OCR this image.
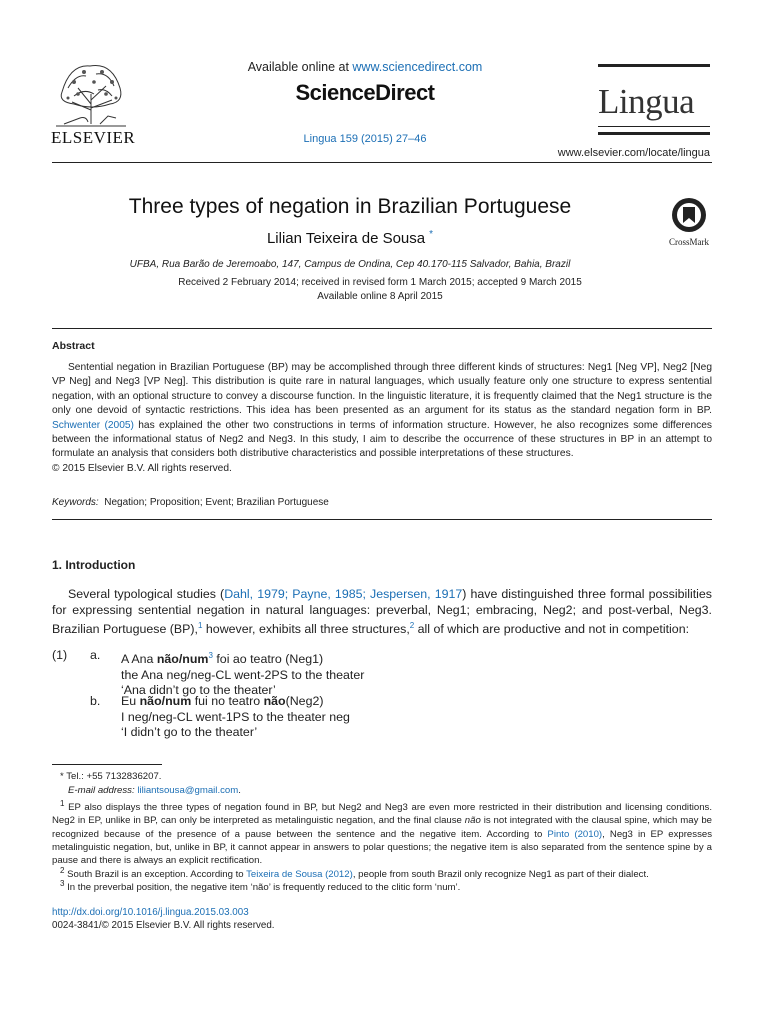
ELSEVIER
Available online at www.sciencedirect.com
ScienceDirect
Lingua 159 (2015) 27–46
Lingua
www.elsevier.com/locate/lingua
Three types of negation in Brazilian Portuguese
Lilian Teixeira de Sousa *
UFBA, Rua Barão de Jeremoabo, 147, Campus de Ondina, Cep 40.170-115 Salvador, Bahia, Brazil
Received 2 February 2014; received in revised form 1 March 2015; accepted 9 March 2015
Available online 8 April 2015
CrossMark
Abstract
Sentential negation in Brazilian Portuguese (BP) may be accomplished through three different kinds of structures: Neg1 [Neg VP], Neg2 [Neg VP Neg] and Neg3 [VP Neg]. This distribution is quite rare in natural languages, which usually feature only one structure to express sentential negation, with an optional structure to convey a discourse function. In the linguistic literature, it is frequently claimed that the Neg1 structure is the only one devoid of syntactic restrictions. This idea has been presented as an argument for its status as the standard negation form in BP. Schwenter (2005) has explained the other two constructions in terms of information structure. However, he also recognizes some differences between the informational status of Neg2 and Neg3. In this study, I aim to describe the occurrence of these structures in BP in an attempt to formulate an analysis that considers both distributive characteristics and possible interpretations of these structures.
© 2015 Elsevier B.V. All rights reserved.
Keywords: Negation; Proposition; Event; Brazilian Portuguese
1. Introduction
Several typological studies (Dahl, 1979; Payne, 1985; Jespersen, 1917) have distinguished three formal possibilities for expressing sentential negation in natural languages: preverbal, Neg1; embracing, Neg2; and post-verbal, Neg3. Brazilian Portuguese (BP),$^1$ however, exhibits all three structures,$^2$ all of which are productive and not in competition:
(1) a. A Ana não/num$^3$ foi ao teatro (Neg1)
the Ana neg/neg-CL went-2PS to the theater
‘Ana didn’t go to the theater’
b. Eu não/num fui no teatro não(Neg2)
I neg/neg-CL went-1PS to the theater neg
‘I didn’t go to the theater’
* Tel.: +55 7132836207.
E-mail address: liliantsousa@gmail.com.
$^1$ EP also displays the three types of negation found in BP, but Neg2 and Neg3 are even more restricted in their distribution and licensing conditions. Neg2 in EP, unlike in BP, can only be interpreted as metalinguistic negation, and the final clause não is not integrated with the clausal spine, which may be recognized because of the presence of a pause between the sentence and the negative item. According to Pinto (2010), Neg3 in EP expresses metalinguistic negation, but, unlike in BP, it cannot appear in answers to polar questions; the negative item is also separated from the sentence spine by a pause and there is always an explicit rectification.
$^2$ South Brazil is an exception. According to Teixeira de Sousa (2012), people from south Brazil only recognize Neg1 as part of their dialect.
$^3$ In the preverbal position, the negative item ‘não’ is frequently reduced to the clitic form ‘num’.
http://dx.doi.org/10.1016/j.lingua.2015.03.003
0024-3841/© 2015 Elsevier B.V. All rights reserved.
